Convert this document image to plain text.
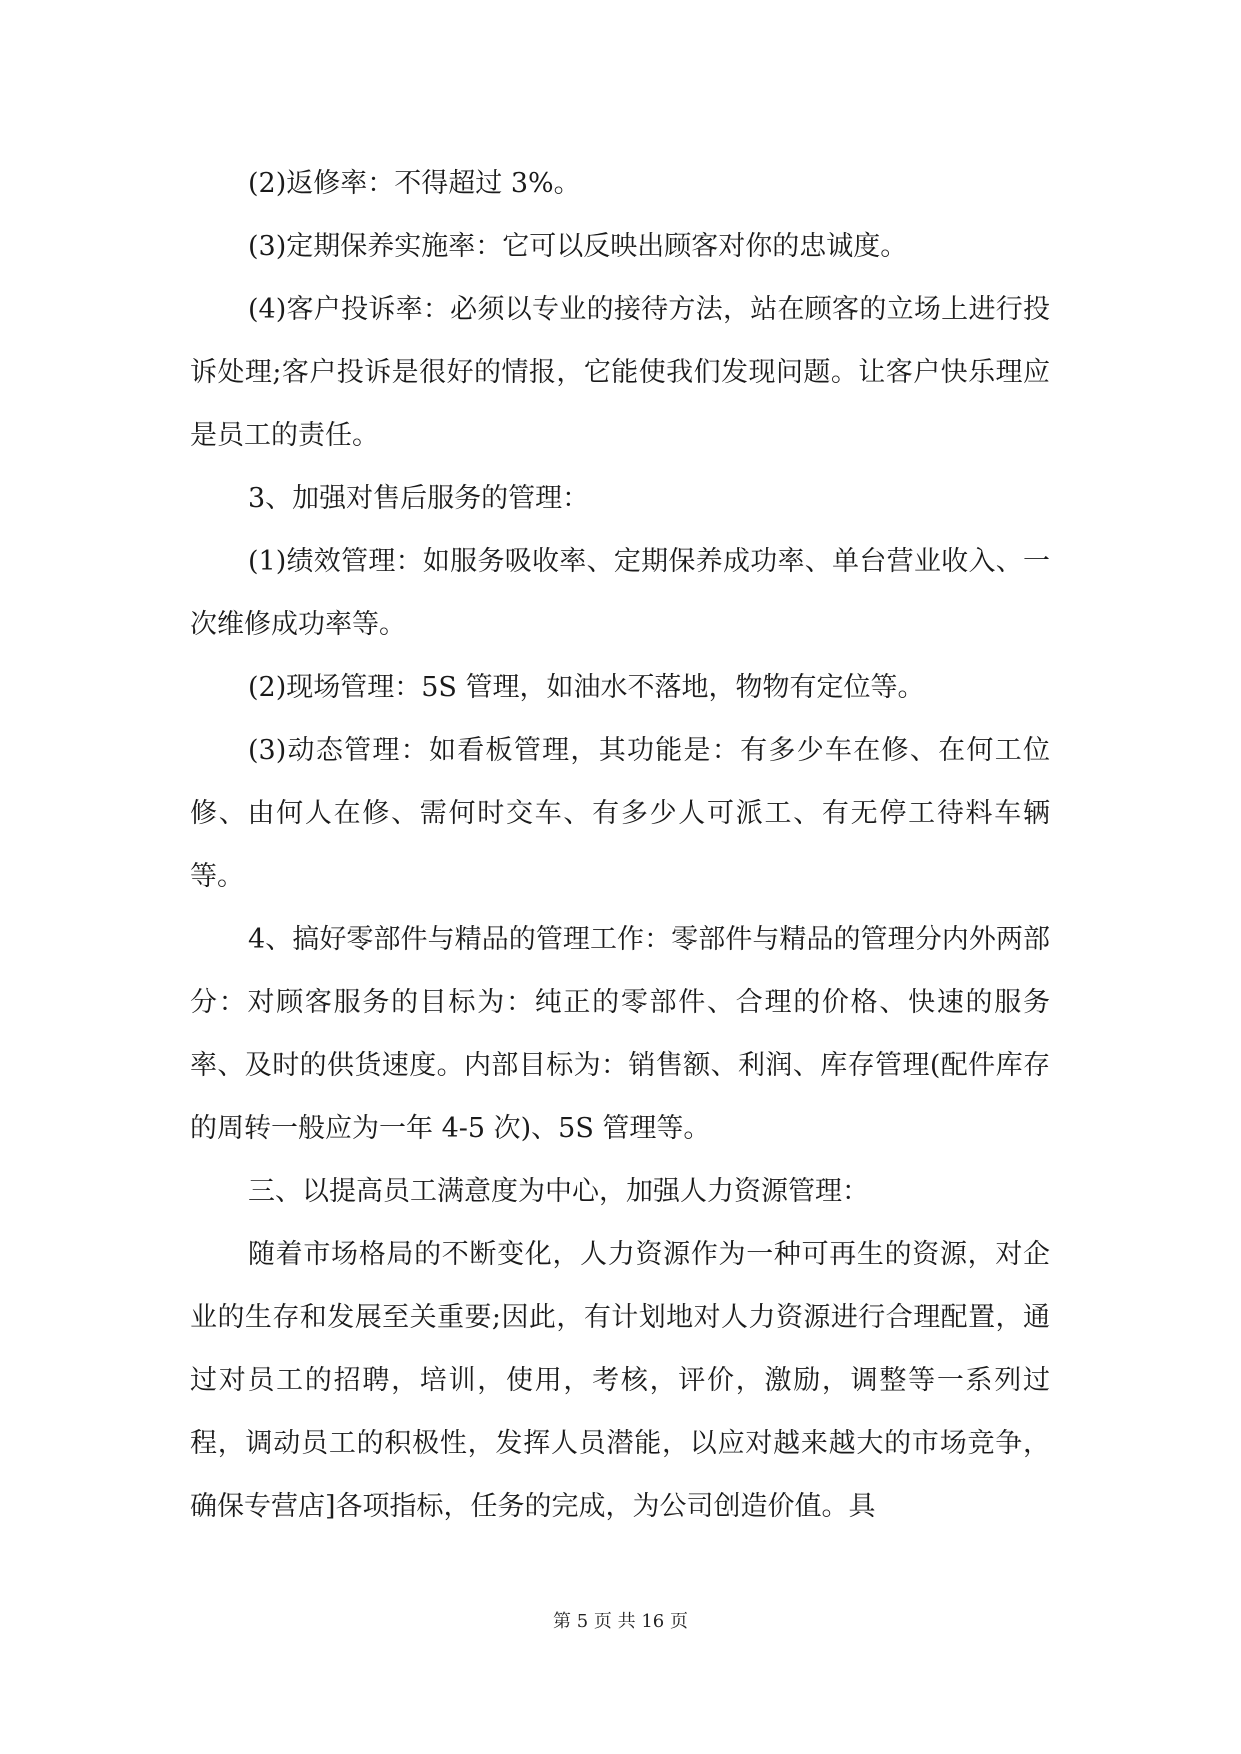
(2)返修率：不得超过 3%。

(3)定期保养实施率：它可以反映出顾客对你的忠诚度。

(4)客户投诉率：必须以专业的接待方法，站在顾客的立场上进行投诉处理;客户投诉是很好的情报，它能使我们发现问题。让客户快乐理应是员工的责任。

3、加强对售后服务的管理：

(1)绩效管理：如服务吸收率、定期保养成功率、单台营业收入、一次维修成功率等。

(2)现场管理：5S 管理，如油水不落地，物物有定位等。

(3)动态管理：如看板管理，其功能是：有多少车在修、在何工位修、由何人在修、需何时交车、有多少人可派工、有无停工待料车辆等。

4、搞好零部件与精品的管理工作：零部件与精品的管理分内外两部分：对顾客服务的目标为：纯正的零部件、合理的价格、快速的服务率、及时的供货速度。内部目标为：销售额、利润、库存管理(配件库存的周转一般应为一年 4-5 次)、5S 管理等。

三、以提高员工满意度为中心，加强人力资源管理：

随着市场格局的不断变化，人力资源作为一种可再生的资源，对企业的生存和发展至关重要;因此，有计划地对人力资源进行合理配置，通过对员工的招聘，培训，使用，考核，评价，激励，调整等一系列过程，调动员工的积极性，发挥人员潜能，以应对越来越大的市场竞争，确保专营店]各项指标，任务的完成，为公司创造价值。具

第 5 页 共 16 页
